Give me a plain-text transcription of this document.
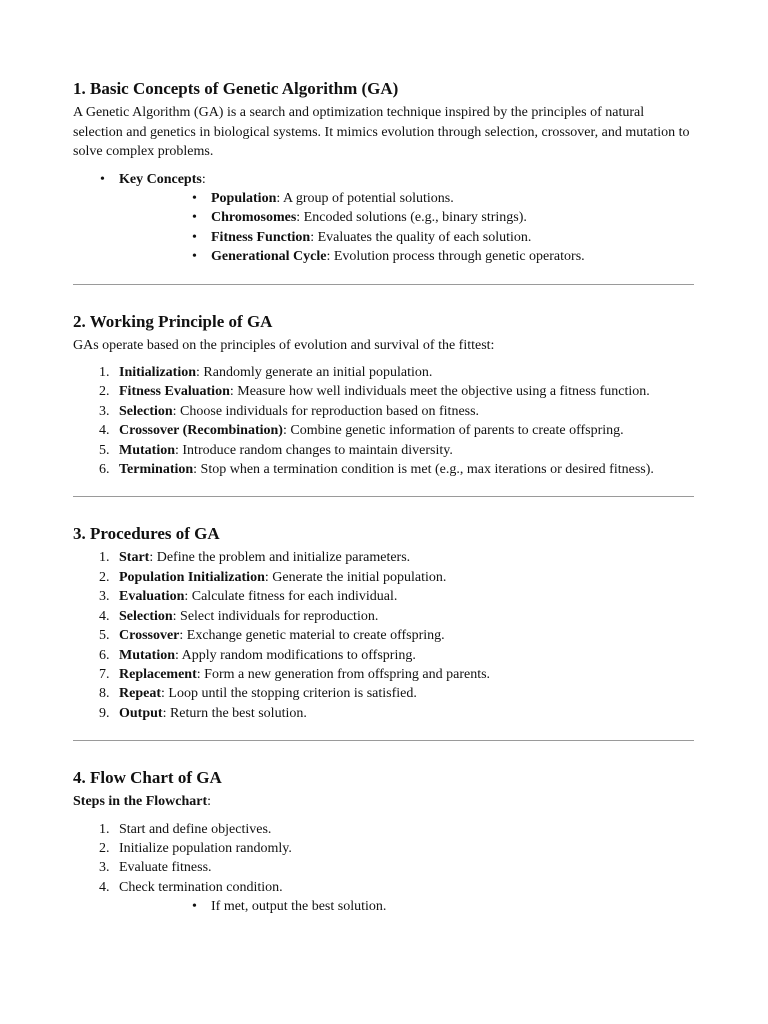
1. Basic Concepts of Genetic Algorithm (GA)

A Genetic Algorithm (GA) is a search and optimization technique inspired by the principles of natural selection and genetics in biological systems. It mimics evolution through selection, crossover, and mutation to solve complex problems.

• Key Concepts:
• Population: A group of potential solutions.
• Chromosomes: Encoded solutions (e.g., binary strings).
• Fitness Function: Evaluates the quality of each solution.
• Generational Cycle: Evolution process through genetic operators.
2. Working Principle of GA

GAs operate based on the principles of evolution and survival of the fittest:

1. Initialization: Randomly generate an initial population.
2. Fitness Evaluation: Measure how well individuals meet the objective using a fitness function.
3. Selection: Choose individuals for reproduction based on fitness.
4. Crossover (Recombination): Combine genetic information of parents to create offspring.
5. Mutation: Introduce random changes to maintain diversity.
6. Termination: Stop when a termination condition is met (e.g., max iterations or desired fitness).
3. Procedures of GA
1. Start: Define the problem and initialize parameters.
2. Population Initialization: Generate the initial population.
3. Evaluation: Calculate fitness for each individual.
4. Selection: Select individuals for reproduction.
5. Crossover: Exchange genetic material to create offspring.
6. Mutation: Apply random modifications to offspring.
7. Replacement: Form a new generation from offspring and parents.
8. Repeat: Loop until the stopping criterion is satisfied.
9. Output: Return the best solution.
4. Flow Chart of GA
Steps in the Flowchart:
1. Start and define objectives.
2. Initialize population randomly.
3. Evaluate fitness.
4. Check termination condition.
• If met, output the best solution.
